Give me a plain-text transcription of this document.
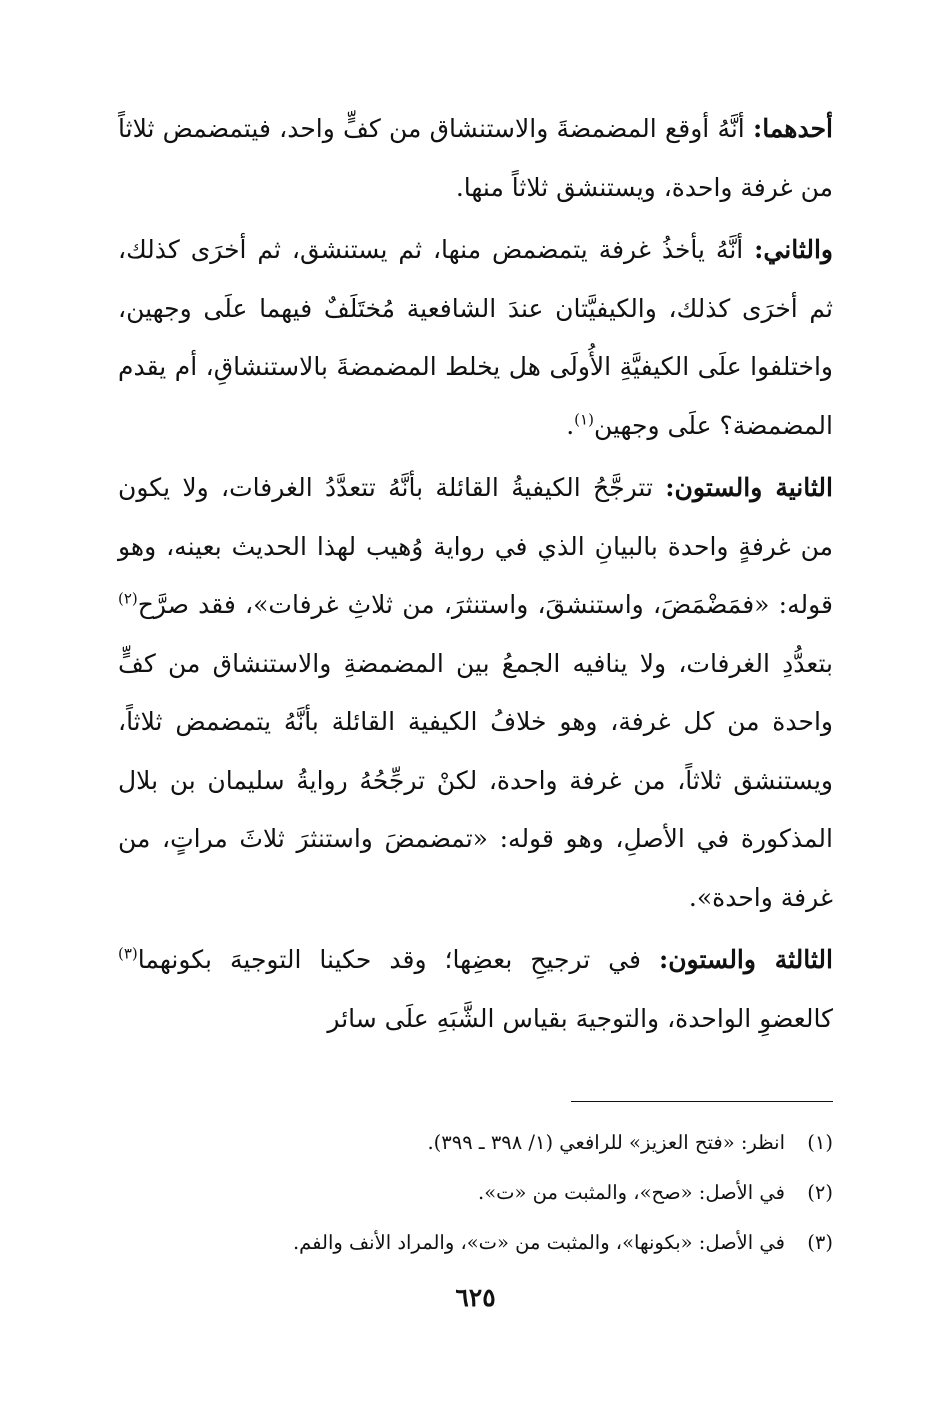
أحدهما: أنَّهُ أوقع المضمضةَ والاستنشاق من كفٍّ واحد، فيتمضمض ثلاثاً من غرفة واحدة، ويستنشق ثلاثاً منها.

والثاني: أنَّهُ يأخذُ غرفة يتمضمض منها، ثم يستنشق، ثم أخرَى كذلك، ثم أخرَى كذلك، والكيفيَّتان عندَ الشافعية مُختَلَفٌ فيهما علَى وجهين، واختلفوا علَى الكيفيَّةِ الأُولَى هل يخلط المضمضةَ بالاستنشاقِ، أم يقدم المضمضة؟ علَى وجهين$^{(١)}$.

الثانية والستون: تترجَّحُ الكيفيةُ القائلة بأنَّهُ تتعدَّدُ الغرفات، ولا يكون من غرفةٍ واحدة بالبيانِ الذي في رواية وُهيب لهذا الحديث بعينه، وهو قوله: «فمَضْمَضَ، واستنشقَ، واستنثرَ، من ثلاثِ غرفات»، فقد صرَّح$^{(٢)}$ بتعدُّدِ الغرفات، ولا ينافيه الجمعُ بين المضمضةِ والاستنشاق من كفٍّ واحدة من كل غرفة، وهو خلافُ الكيفية القائلة بأنَّهُ يتمضمض ثلاثاً، ويستنشق ثلاثاً، من غرفة واحدة، لكنْ ترجِّحُهُ روايةُ سليمان بن بلال المذكورة في الأصلِ، وهو قوله: «تمضمضَ واستنثرَ ثلاثَ مراتٍ، من غرفة واحدة».

الثالثة والستون: في ترجيحِ بعضِها؛ وقد حكينا التوجيهَ بكونهما$^{(٣)}$ كالعضوِ الواحدة، والتوجيهَ بقياس الشَّبَهِ علَى سائر

(١)
انظر: «فتح العزيز» للرافعي (١/ ٣٩٨ ـ ٣٩٩).
(٢)
في الأصل: «صح»، والمثبت من «ت».
(٣)
في الأصل: «بكونها»، والمثبت من «ت»، والمراد الأنف والفم.
٦٢٥
